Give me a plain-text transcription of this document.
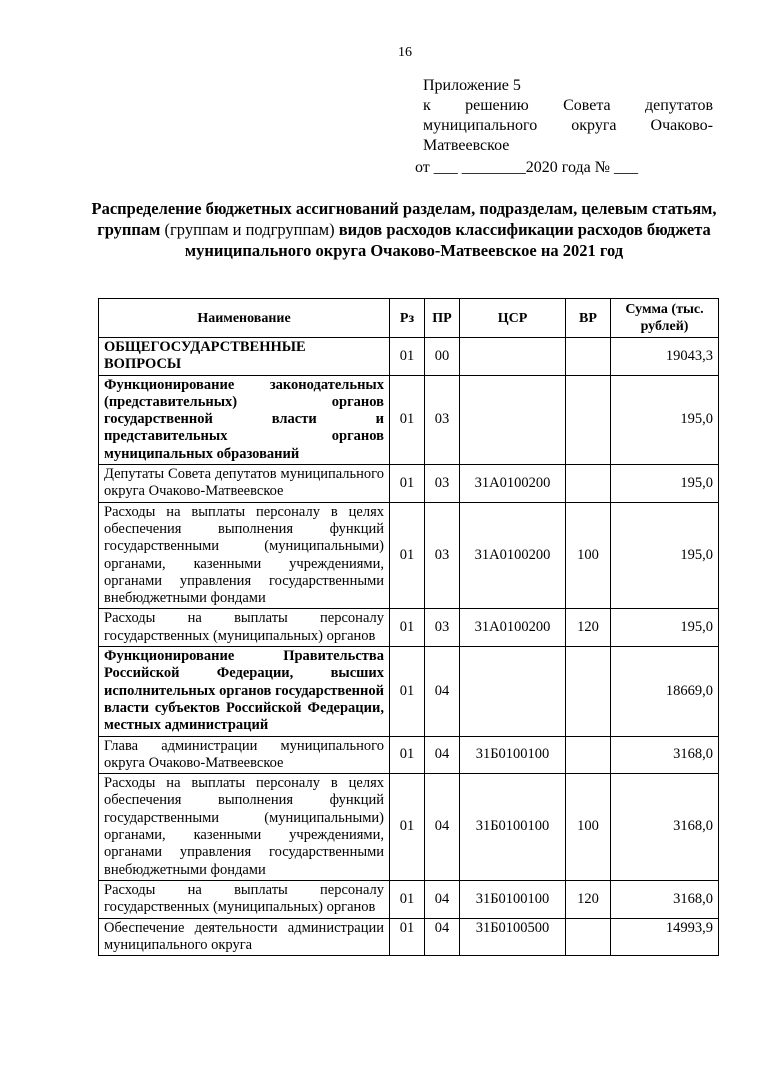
16
Приложение 5
к решению Совета депутатов
муниципального округа Очаково-
Матвеевское
от ___ ________2020 года № ___
Распределение бюджетных ассигнований разделам, подразделам, целевым статьям, группам (группам и подгруппам) видов расходов классификации расходов бюджета муниципального округа Очаково-Матвеевское на 2021 год
Наименование	Рз	ПР	ЦСР	ВР	Сумма (тыс. рублей)
ОБЩЕГОСУДАРСТВЕННЫЕ ВОПРОСЫ	01	00			19043,3
Функционирование законодательных (представительных) органов государственной власти и представительных органов муниципальных образований	01	03			195,0
Депутаты Совета депутатов муниципального округа Очаково-Матвеевское	01	03	31А0100200		195,0
Расходы на выплаты персоналу в целях обеспечения выполнения функций государственными (муниципальными) органами, казенными учреждениями, органами управления государственными внебюджетными фондами	01	03	31А0100200	100	195,0
Расходы на выплаты персоналу государственных (муниципальных) органов	01	03	31А0100200	120	195,0
Функционирование Правительства Российской Федерации, высших исполнительных органов государственной власти субъектов Российской Федерации, местных администраций	01	04			18669,0
Глава администрации муниципального округа Очаково-Матвеевское	01	04	31Б0100100		3168,0
Расходы на выплаты персоналу в целях обеспечения выполнения функций государственными (муниципальными) органами, казенными учреждениями, органами управления государственными внебюджетными фондами	01	04	31Б0100100	100	3168,0
Расходы на выплаты персоналу государственных (муниципальных) органов	01	04	31Б0100100	120	3168,0
Обеспечение деятельности администрации муниципального округа	01	04	31Б0100500		14993,9
